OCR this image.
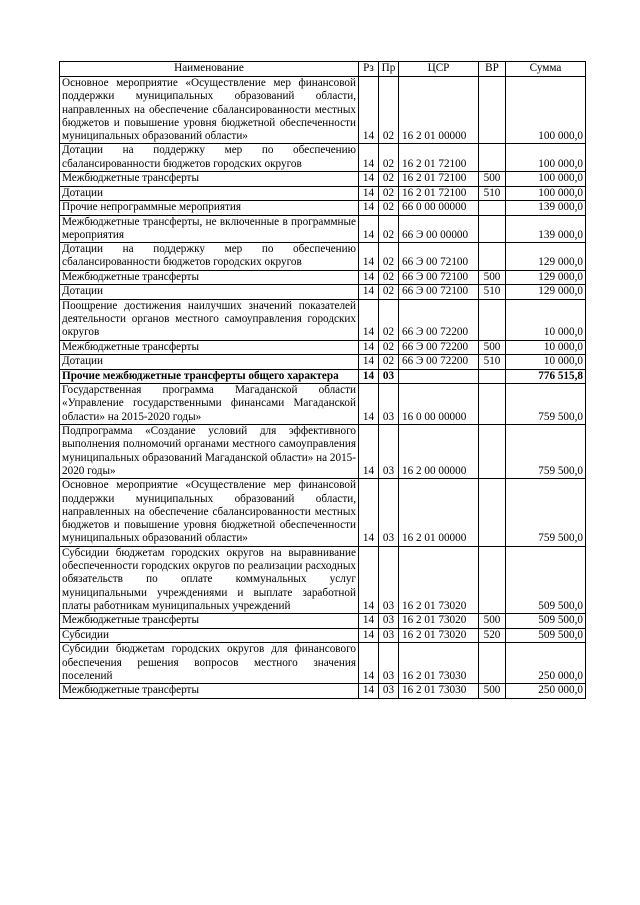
Наименование	Рз	Пр	ЦСР	ВР	Сумма
Основное мероприятие «Осуществление мер финансовой поддержки муниципальных образований области, направленных на обеспечение сбалансированности местных бюджетов и повышение уровня бюджетной обеспеченности муниципальных образований области»	14	02	16 2 01 00000		100 000,0
Дотации на поддержку мер по обеспечению сбалансированности бюджетов городских округов	14	02	16 2 01 72100		100 000,0
Межбюджетные трансферты	14	02	16 2 01 72100	500	100 000,0
Дотации	14	02	16 2 01 72100	510	100 000,0
Прочие непрограммные мероприятия	14	02	66 0 00 00000		139 000,0
Межбюджетные трансферты, не включенные в программные мероприятия	14	02	66 Э 00 00000		139 000,0
Дотации на поддержку мер по обеспечению сбалансированности бюджетов городских округов	14	02	66 Э 00 72100		129 000,0
Межбюджетные трансферты	14	02	66 Э 00 72100	500	129 000,0
Дотации	14	02	66 Э 00 72100	510	129 000,0
Поощрение достижения наилучших значений показателей деятельности органов местного самоуправления городских округов	14	02	66 Э 00 72200		10 000,0
Межбюджетные трансферты	14	02	66 Э 00 72200	500	10 000,0
Дотации	14	02	66 Э 00 72200	510	10 000,0
Прочие межбюджетные трансферты общего характера	14	03			776 515,8
Государственная программа Магаданской области «Управление государственными финансами Магаданской области» на 2015-2020 годы»	14	03	16 0 00 00000		759 500,0
Подпрограмма «Создание условий для эффективного выполнения полномочий органами местного самоуправления муниципальных образований Магаданской области» на 2015-2020 годы»	14	03	16 2 00 00000		759 500,0
Основное мероприятие «Осуществление мер финансовой поддержки муниципальных образований области, направленных на обеспечение сбалансированности местных бюджетов и повышение уровня бюджетной обеспеченности муниципальных образований области»	14	03	16 2 01 00000		759 500,0
Субсидии бюджетам городских округов на выравнивание обеспеченности городских округов по реализации расходных обязательств по оплате коммунальных услуг муниципальными учреждениями и выплате заработной платы работникам муниципальных учреждений	14	03	16 2 01 73020		509 500,0
Межбюджетные трансферты	14	03	16 2 01 73020	500	509 500,0
Субсидии	14	03	16 2 01 73020	520	509 500,0
Субсидии бюджетам городских округов для финансового обеспечения решения вопросов местного значения поселений	14	03	16 2 01 73030		250 000,0
Межбюджетные трансферты	14	03	16 2 01 73030	500	250 000,0
